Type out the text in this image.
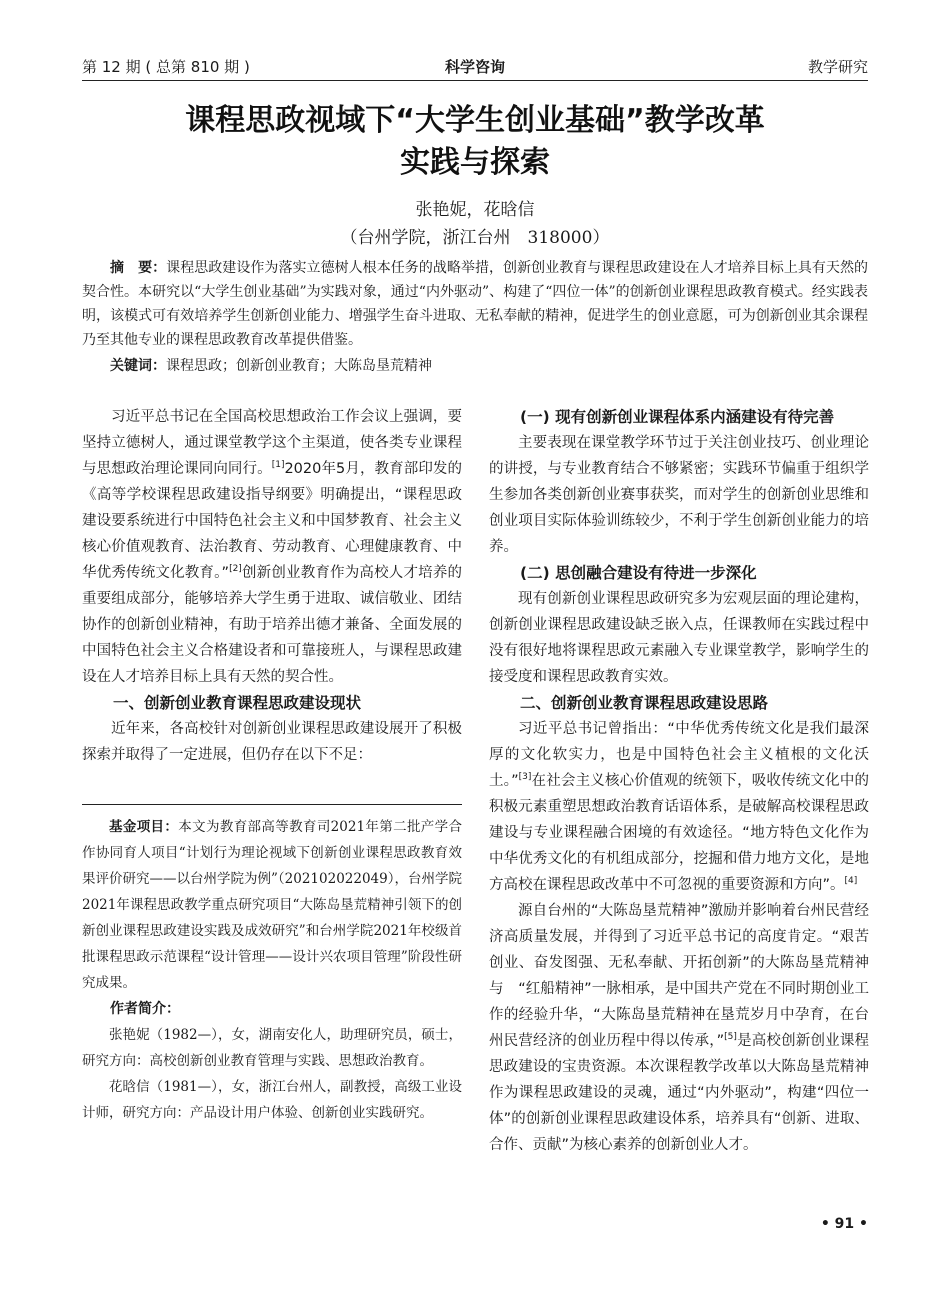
第 12 期 ( 总第 810 期 )	科学咨询	教学研究
课程思政视域下“大学生创业基础”教学改革
实践与探索
张艳妮，花晗信
（台州学院，浙江台州　318000）
摘　要：课程思政建设作为落实立德树人根本任务的战略举措，创新创业教育与课程思政建设在人才培养目标上具有天然的契合性。本研究以“大学生创业基础”为实践对象，通过“内外驱动”、构建了“四位一体”的创新创业课程思政教育模式。经实践表明，该模式可有效培养学生创新创业能力、增强学生奋斗进取、无私奉献的精神，促进学生的创业意愿，可为创新创业其余课程乃至其他专业的课程思政教育改革提供借鉴。
关键词：课程思政；创新创业教育；大陈岛垦荒精神

习近平总书记在全国高校思想政治工作会议上强调，要坚持立德树人，通过课堂教学这个主渠道，使各类专业课程与思想政治理论课同向同行。[1]2020年5月，教育部印发的《高等学校课程思政建设指导纲要》明确提出，“课程思政建设要系统进行中国特色社会主义和中国梦教育、社会主义核心价值观教育、法治教育、劳动教育、心理健康教育、中华优秀传统文化教育。”[2]创新创业教育作为高校人才培养的重要组成部分，能够培养大学生勇于进取、诚信敬业、团结协作的创新创业精神，有助于培养出德才兼备、全面发展的中国特色社会主义合格建设者和可靠接班人，与课程思政建设在人才培养目标上具有天然的契合性。

一、创新创业教育课程思政建设现状

近年来，各高校针对创新创业课程思政建设展开了积极探索并取得了一定进展，但仍存在以下不足：

基金项目：本文为教育部高等教育司2021年第二批产学合作协同育人项目“计划行为理论视域下创新创业课程思政教育效果评价研究——以台州学院为例”（202102022049），台州学院2021年课程思政教学重点研究项目“大陈岛垦荒精神引领下的创新创业课程思政建设实践及成效研究”和台州学院2021年校级首批课程思政示范课程“设计管理——设计兴农项目管理”阶段性研究成果。

作者简介：

张艳妮（1982—），女，湖南安化人，助理研究员，硕士，研究方向：高校创新创业教育管理与实践、思想政治教育。

花晗信（1981—），女，浙江台州人，副教授，高级工业设计师，研究方向：产品设计用户体验、创新创业实践研究。

(一) 现有创新创业课程体系内涵建设有待完善

主要表现在课堂教学环节过于关注创业技巧、创业理论的讲授，与专业教育结合不够紧密；实践环节偏重于组织学生参加各类创新创业赛事获奖，而对学生的创新创业思维和创业项目实际体验训练较少，不利于学生创新创业能力的培养。

(二) 思创融合建设有待进一步深化

现有创新创业课程思政研究多为宏观层面的理论建构，创新创业课程思政建设缺乏嵌入点，任课教师在实践过程中没有很好地将课程思政元素融入专业课堂教学，影响学生的接受度和课程思政教育实效。

二、创新创业教育课程思政建设思路

习近平总书记曾指出：“中华优秀传统文化是我们最深厚的文化软实力，也是中国特色社会主义植根的文化沃土。”[3]在社会主义核心价值观的统领下，吸收传统文化中的积极元素重塑思想政治教育话语体系，是破解高校课程思政建设与专业课程融合困境的有效途径。“地方特色文化作为中华优秀文化的有机组成部分，挖掘和借力地方文化，是地方高校在课程思政改革中不可忽视的重要资源和方向”。[4]

源自台州的“大陈岛垦荒精神”激励并影响着台州民营经济高质量发展，并得到了习近平总书记的高度肯定。“艰苦创业、奋发图强、无私奉献、开拓创新”的大陈岛垦荒精神与　“红船精神”一脉相承，是中国共产党在不同时期创业工作的经验升华，“大陈岛垦荒精神在垦荒岁月中孕育，在台州民营经济的创业历程中得以传承，”[5]是高校创新创业课程思政建设的宝贵资源。本次课程教学改革以大陈岛垦荒精神作为课程思政建设的灵魂，通过“内外驱动”，构建“四位一体”的创新创业课程思政建设体系，培养具有“创新、进取、合作、贡献”为核心素养的创新创业人才。

• 91 •
